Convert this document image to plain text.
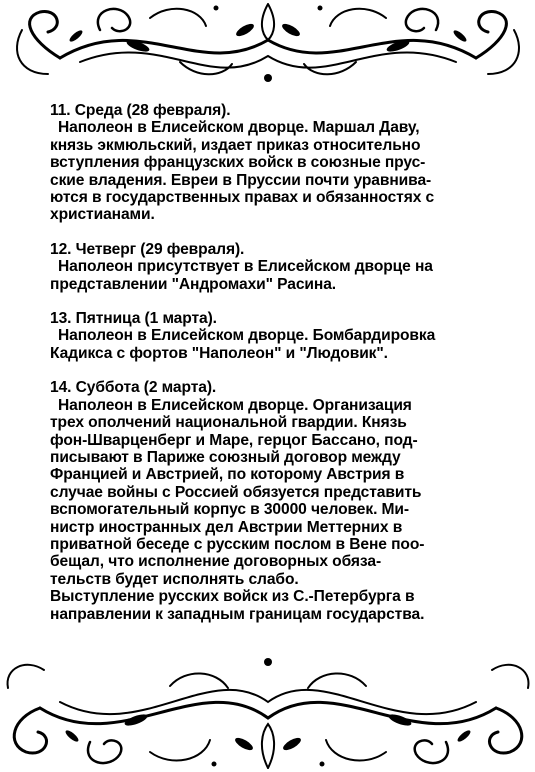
11. Среда (28 февраля).
Наполеон в Елисейском дворце. Маршал Даву,
князь экмюльский, издает приказ относительно
вступления французских войск в союзные прус-
ские владения. Евреи в Пруссии почти уравнива-
ются в государственных правах и обязанностях с
христианами.
12. Четверг (29 февраля).
Наполеон присутствует в Елисейском дворце на
представлении "Андромахи" Расина.
13. Пятница (1 марта).
Наполеон в Елисейском дворце. Бомбардировка
Кадикса с фортов "Наполеон" и "Людовик".
14. Суббота (2 марта).
Наполеон в Елисейском дворце. Организация
трех ополчений национальной гвардии. Князь
фон-Шварценберг и Маре, герцог Бассано, под-
писывают в Париже союзный договор между
Францией и Австрией, по которому Австрия в
случае войны с Россией обязуется представить
вспомогательный корпус в 30000 человек. Ми-
нистр иностранных дел Австрии Меттерних в
приватной беседе с русским послом в Вене поо-
бещал, что исполнение договорных обяза-
тельств будет исполнять слабо.
Выступление русских войск из С.-Петербурга в
направлении к западным границам государства.
